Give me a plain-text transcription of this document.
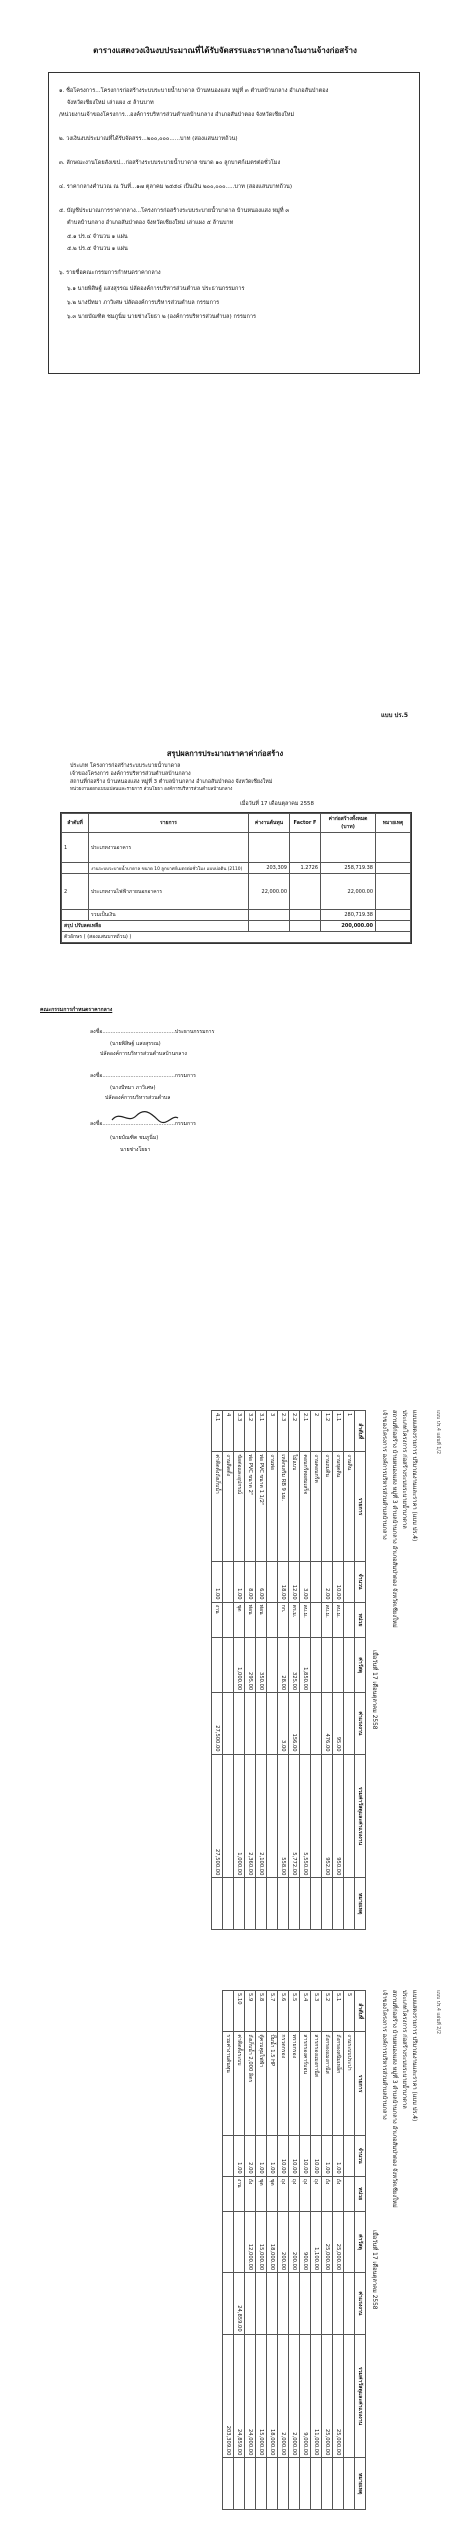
ตารางแสดงวงเงินงบประมาณที่ได้รับจัดสรรและราคากลางในงานจ้างก่อสร้าง
๑. ชื่อโครงการ...โครงการก่อสร้างระบบระบายน้ำบาดาล บ้านหนองแสง หมู่ที่ ๓ ตำบลบ้านกลาง อำเภอสันป่าตอง
จังหวัดเชียงใหม่ เล่าแผง ๕ ล้านบาท
/หน่วยงานเจ้าของโครงการ...องค์การบริหารส่วนตำบลบ้านกลาง อำเภอสันป่าตอง จังหวัดเชียงใหม่
๒. วงเงินงบประมาณที่ได้รับจัดสรร...๒๐๐,๐๐๐......บาท (สองแสนบาทถ้วน)
๓. ลักษณะงานโดยสังเขป...ก่อสร้างระบบระบายน้ำบาดาล ขนาด ๑๐ ลูกบาศก์เมตรต่อชั่วโมง
๔. ราคากลางคำนวณ ณ วันที่...๑๗ ตุลาคม ๒๕๕๘ เป็นเงิน ๒๐๐,๐๐๐.....บาท (สองแสนบาทถ้วน)
๕. บัญชีประมาณการราคากลาง...โครงการก่อสร้างระบบระบายน้ำบาดาล บ้านหนองแสง หมู่ที่ ๓
ตำบลบ้านกลาง อำเภอสันป่าตอง จังหวัดเชียงใหม่ เล่าแผง ๕ ล้านบาท
๕.๑ ปร.๔ จำนวน ๑ แผ่น
๕.๒ ปร.๕ จำนวน ๑ แผ่น
๖. รายชื่อคณะกรรมการกำหนดราคากลาง
๖.๑ นายพิสิษฐ์ แสงสุรรณ ปลัดองค์การบริหารส่วนตำบล ประธานกรรมการ
๖.๒ นางปัทมา ภาวิเศษ ปลัดองค์การบริหารส่วนตำบล กรรมการ
๖.๓ นายบัณฑิต ชมภูนิ่ม นายช่างโยธา ๒ (องค์การบริหารส่วนตำบล) กรรมการ
แบบ ปร.5
สรุปผลการประมาณราคาค่าก่อสร้าง
ประเภท โครงการก่อสร้างระบบระบายน้ำบาดาล
เจ้าของโครงการ องค์การบริหารส่วนตำบลบ้านกลาง
สถานที่ก่อสร้าง บ้านหนองแสง หมู่ที่ 3 ตำบลบ้านกลาง อำเภอสันป่าตอง จังหวัดเชียงใหม่
หน่วยงานออกแบบแปลนและรายการ ส่วนโยธา องค์การบริหารส่วนตำบลบ้านกลาง
เมื่อวันที่ 17 เดือนตุลาคม 2558
ลำดับที่	รายการ	ค่างานต้นทุน	Factor F	ค่าก่อสร้างทั้งหมด (บาท)	หมายเหตุ
1	ประเภทงานอาคาร				
	งานระบบระบายน้ำบาดาล ขนาด 10 ลูกบาศก์เมตรต่อชั่วโมง แบบบ่อดิน (2110)	203,309	1.2726	258,719.38	
2	ประเภทงานไฟฟ้าภายนอกอาคาร	22,000.00		22,000.00	
	รวมเป็นเงิน			280,719.38	
สรุป ปรับลดเหลือ				200,000.00	
ตัวอักษร ( (สองแสนบาทถ้วน) )					
คณะกรรมการกำหนดราคากลาง
ลงชื่อ............................................ประธานกรรมการ
(นายพิสิษฐ์ แสงสุรรณ)
ปลัดองค์การบริหารส่วนตำบลบ้านกลาง
ลงชื่อ............................................กรรมการ
(นางปัทมา ภาวิเศษ)
ปลัดองค์การบริหารส่วนตำบล
ลงชื่อ............................................กรรมการ
(นายบัณฑิต ชมภูนิ่ม)
นายช่างโยธา
แบบแสดงรายการ ปริมาณงานและราคา (แบบ ปร.4)
ประเภทโครงการ ก่อสร้างระบบระบายน้ำบาดาล
สถานที่ก่อสร้าง บ้านหนองแสง หมู่ที่ 3 ตำบลบ้านกลาง อำเภอสันป่าตอง จังหวัดเชียงใหม่
เจ้าของโครงการ องค์การบริหารส่วนตำบลบ้านกลาง
เมื่อวันที่ 17 เดือนตุลาคม 2558
ลำดับที่	รายการ	จำนวน	หน่วย	ค่าวัสดุ	ค่าแรงงาน	รวมค่าวัสดุและค่าแรงงาน	หมายเหตุ
1	งานดิน						
1.1	งานขุดดิน	10.00	ลบ.ม.		95.00	950.00	
1.2	งานถมดิน	2.00	ลบ.ม.		476.00	952.00	
2	งานคอนกรีต						
2.1	คอนกรีตผสมเสร็จ	3.00	ลบ.ม.	1,850.00		5,550.00	
2.2	ไม้แบบ	12.00	ตร.ม.	325.00	156.00	5,772.00	
2.3	เหล็กเสริม RB 9 มม.	18.00	กก.	28.00	3.00	558.00	
3	งานท่อ						
3.1	ท่อ PVC ขนาด 1 1/2"	6.00	ท่อน	350.00		2,100.00	
3.2	ท่อ PVC ขนาด 2"	8.00	ท่อน	295.00		2,360.00	
3.3	ข้อต่อและอุปกรณ์	1.00	ชุด	1,000.00		1,000.00	
4	งานติดตั้ง						
4.1	ค่าติดตั้งถังเก็บน้ำ	1.00	งาน		27,500.00	27,500.00	
แบบ ปร.4 แผ่นที่ 1/2
แบบแสดงรายการ ปริมาณงานและราคา (แบบ ปร.4)
ประเภทโครงการ ก่อสร้างระบบระบายน้ำบาดาล
สถานที่ก่อสร้าง บ้านหนองแสง หมู่ที่ 3 ตำบลบ้านกลาง อำเภอสันป่าตอง จังหวัดเชียงใหม่
เจ้าของโครงการ องค์การบริหารส่วนตำบลบ้านกลาง
เมื่อวันที่ 17 เดือนตุลาคม 2558
ลำดับที่	รายการ	จำนวน	หน่วย	ค่าวัสดุ	ค่าแรงงาน	รวมค่าวัสดุและค่าแรงงาน	หมายเหตุ
5	งานระบบประปา						
5.1	ถังกรองสนิมเหล็ก	1.00	ถัง	25,000.00		25,000.00	
5.2	ถังกรองแมงกานีส	1.00	ถัง	25,000.00		25,000.00	
5.3	สารกรองแมงกานีส	10.00	ถุง	1,100.00		11,000.00	
5.4	สารกรองคาร์บอน	10.00	ถุง	900.00		9,000.00	
5.5	ทรายกรอง	10.00	ถุง	200.00		2,000.00	
5.6	กรวดกรอง	10.00	ถุง	200.00		2,000.00	
5.7	ปั๊มน้ำ 1.5 HP	1.00	ชุด	18,000.00		18,000.00	
5.8	ตู้ควบคุมไฟฟ้า	1.00	ชุด	15,000.00		15,000.00	
5.9	ถังเก็บน้ำ 2,000 ลิตร	2.00	ถัง	12,000.00		24,000.00	
5.10	ค่าติดตั้งระบบ	1.00	งาน		24,859.00	24,859.00	
	รวมค่างานต้นทุน					203,309.00	
แบบ ปร.4 แผ่นที่ 2/2
